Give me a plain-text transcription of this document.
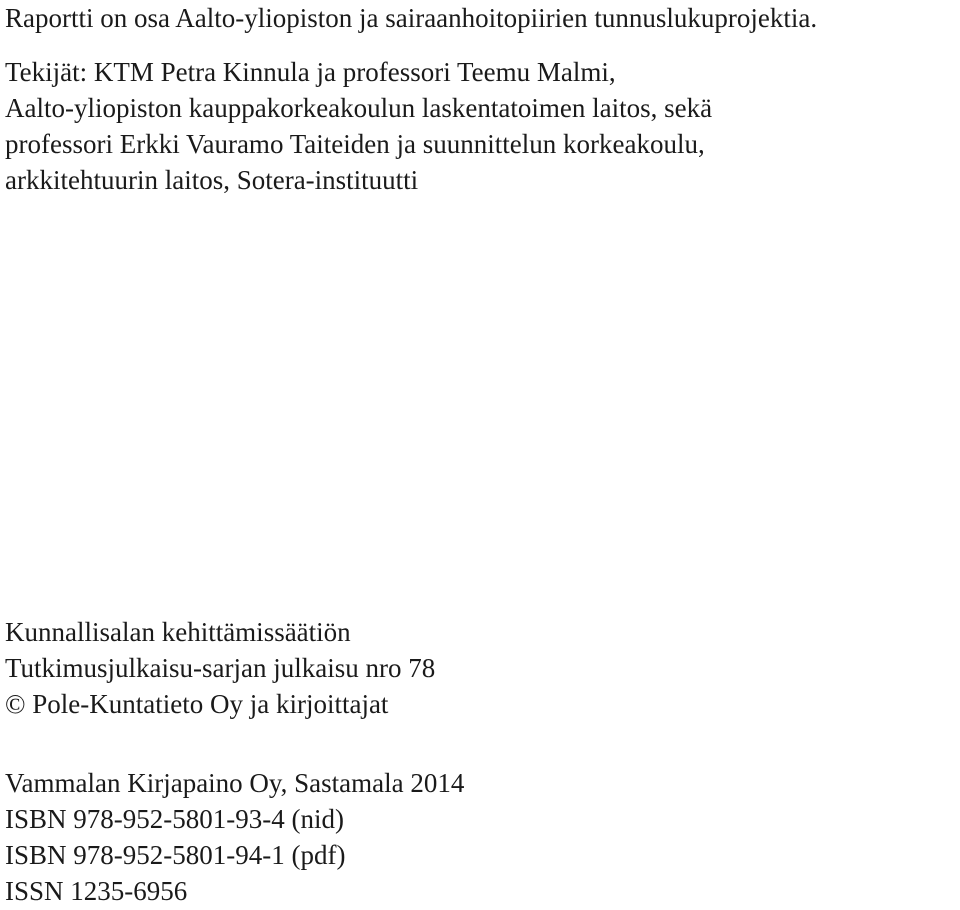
Raportti on osa Aalto-yliopiston ja sairaanhoitopiirien tunnuslukuprojektia.
Tekijät: KTM Petra Kinnula ja professori Teemu Malmi,
Aalto-yliopiston kauppakorkeakoulun laskentatoimen laitos, sekä
professori Erkki Vauramo Taiteiden ja suunnittelun korkeakoulu,
arkkitehtuurin laitos, Sotera-instituutti
Kunnallisalan kehittämissäätiön
Tutkimusjulkaisu-sarjan julkaisu nro 78
© Pole-Kuntatieto Oy ja kirjoittajat
Vammalan Kirjapaino Oy, Sastamala 2014
ISBN 978-952-5801-93-4 (nid)
ISBN 978-952-5801-94-1 (pdf)
ISSN 1235-6956
